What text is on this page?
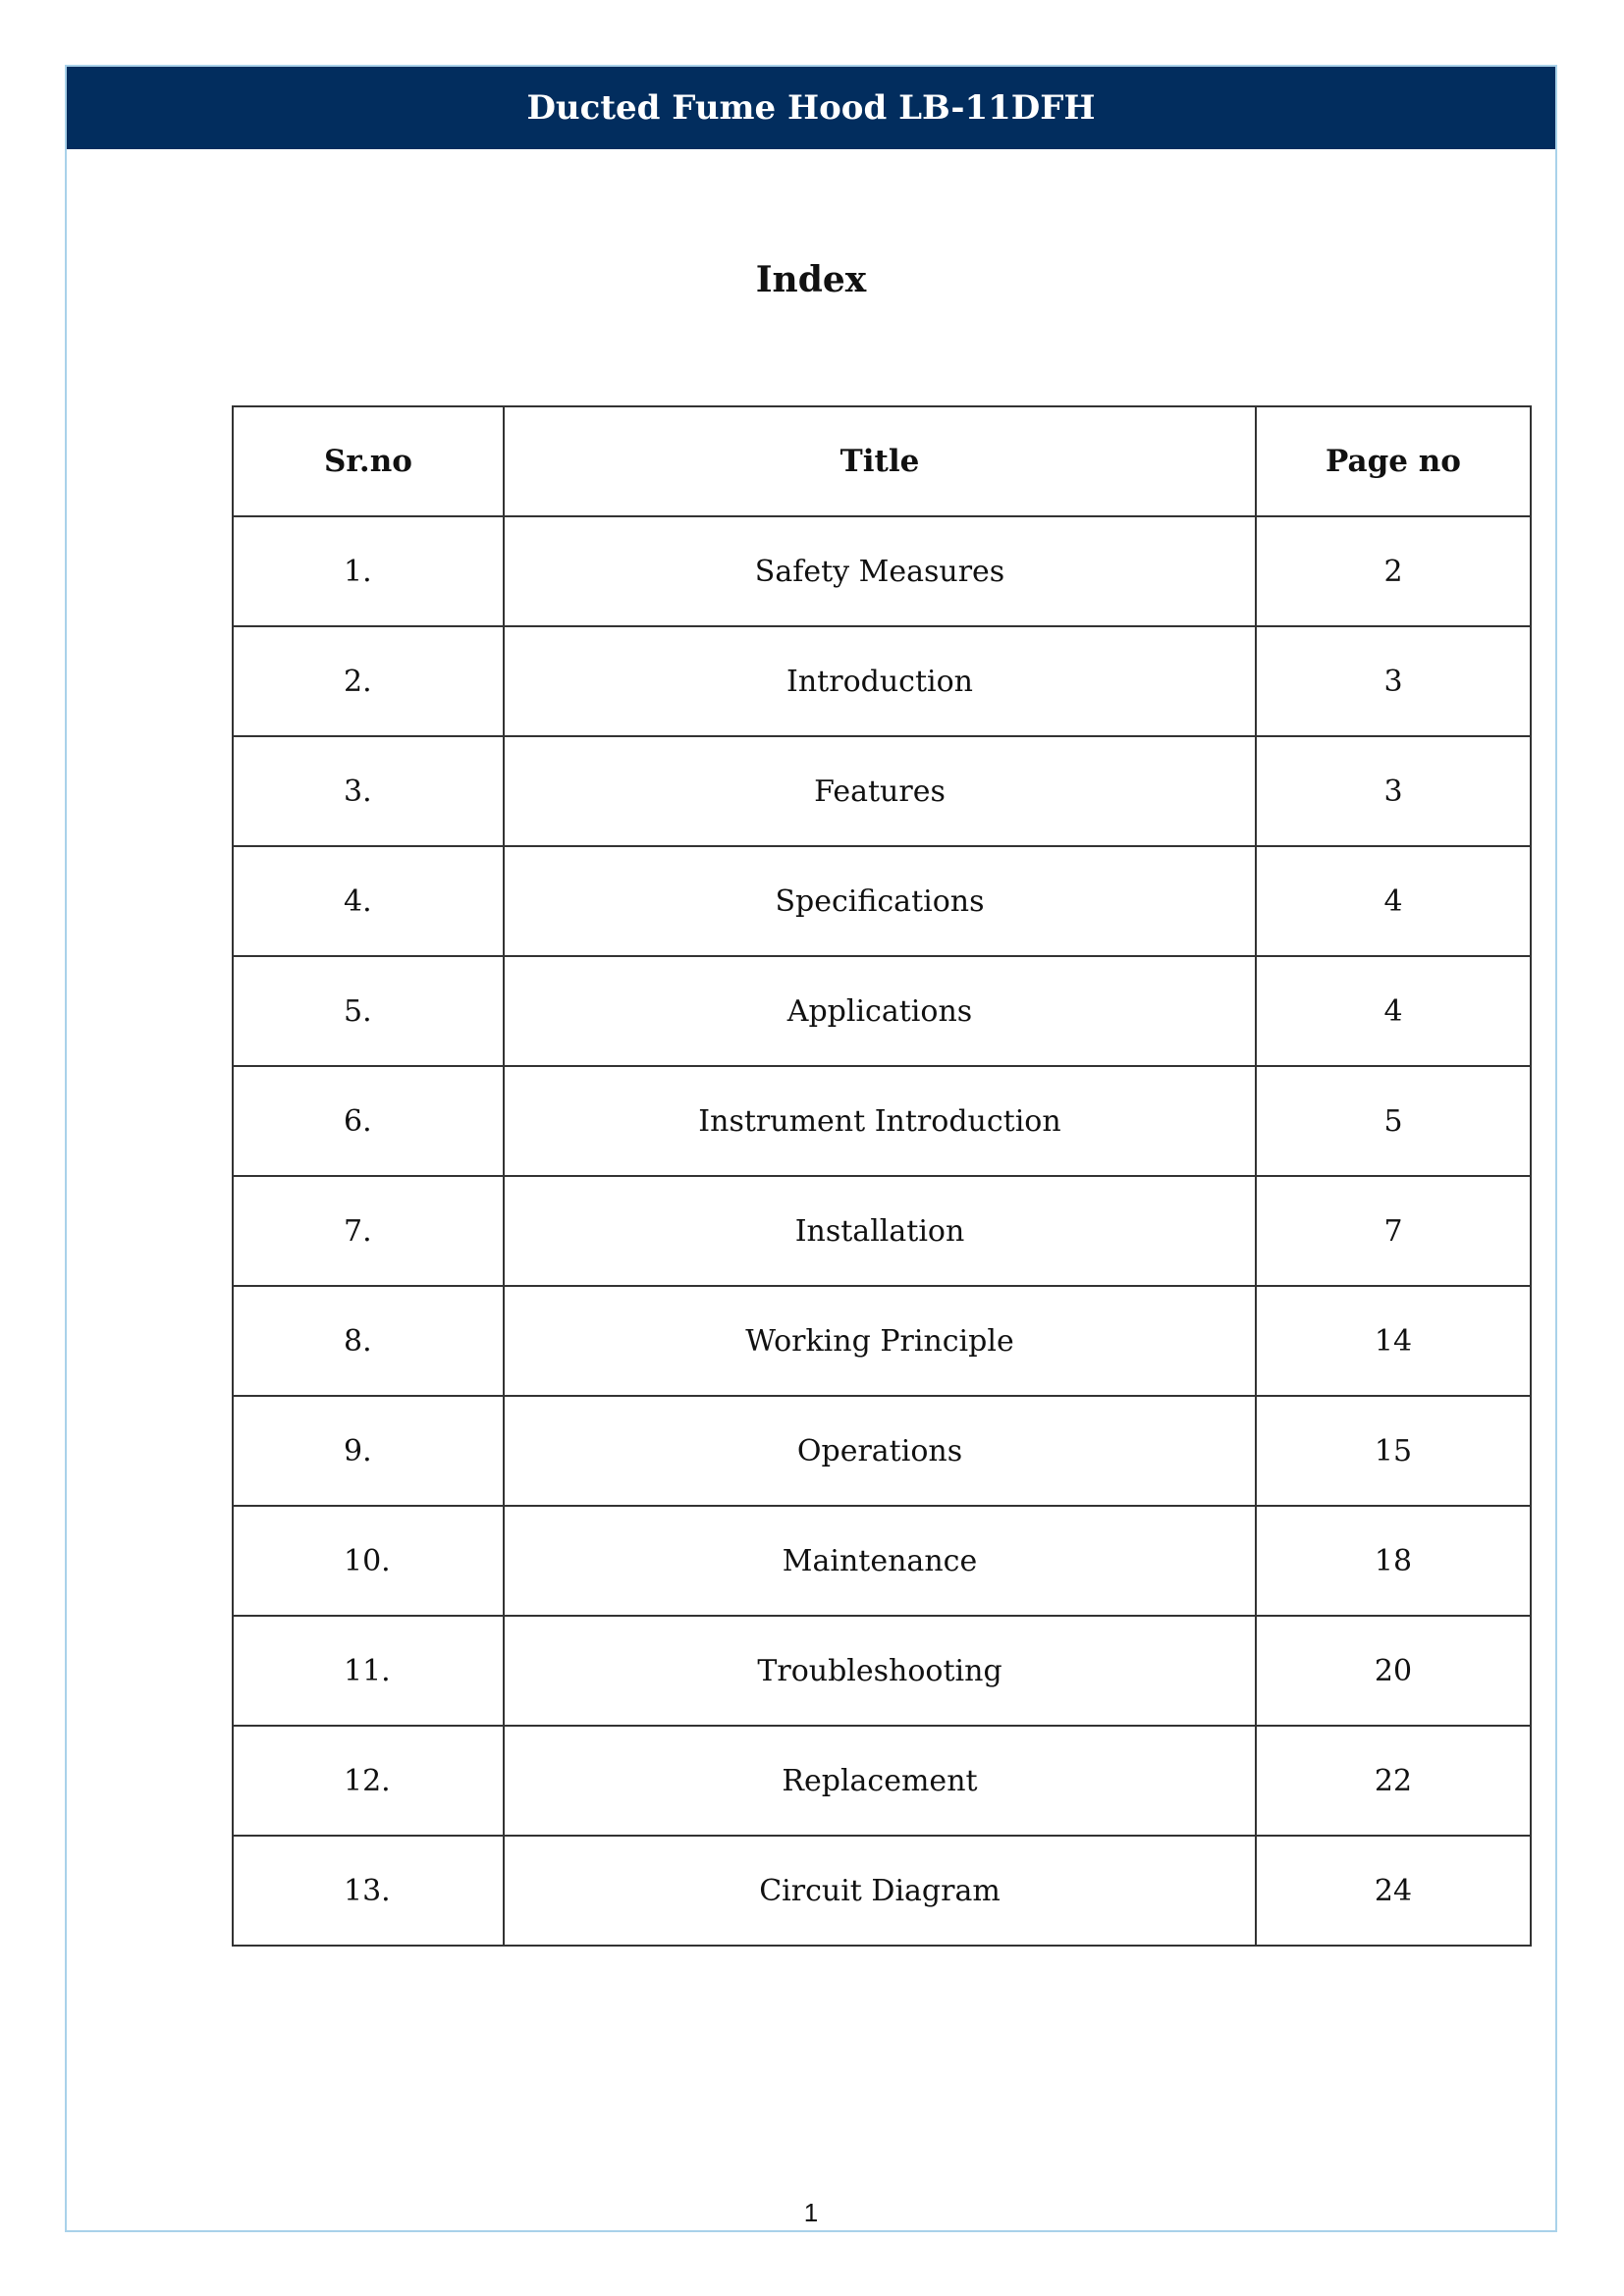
Ducted Fume Hood LB-11DFH
Index
Sr.no	Title	Page no
1.	Safety Measures	2
2.	Introduction	3
3.	Features	3
4.	Specifications	4
5.	Applications	4
6.	Instrument Introduction	5
7.	Installation	7
8.	Working Principle	14
9.	Operations	15
10.	Maintenance	18
11.	Troubleshooting	20
12.	Replacement	22
13.	Circuit Diagram	24
1
